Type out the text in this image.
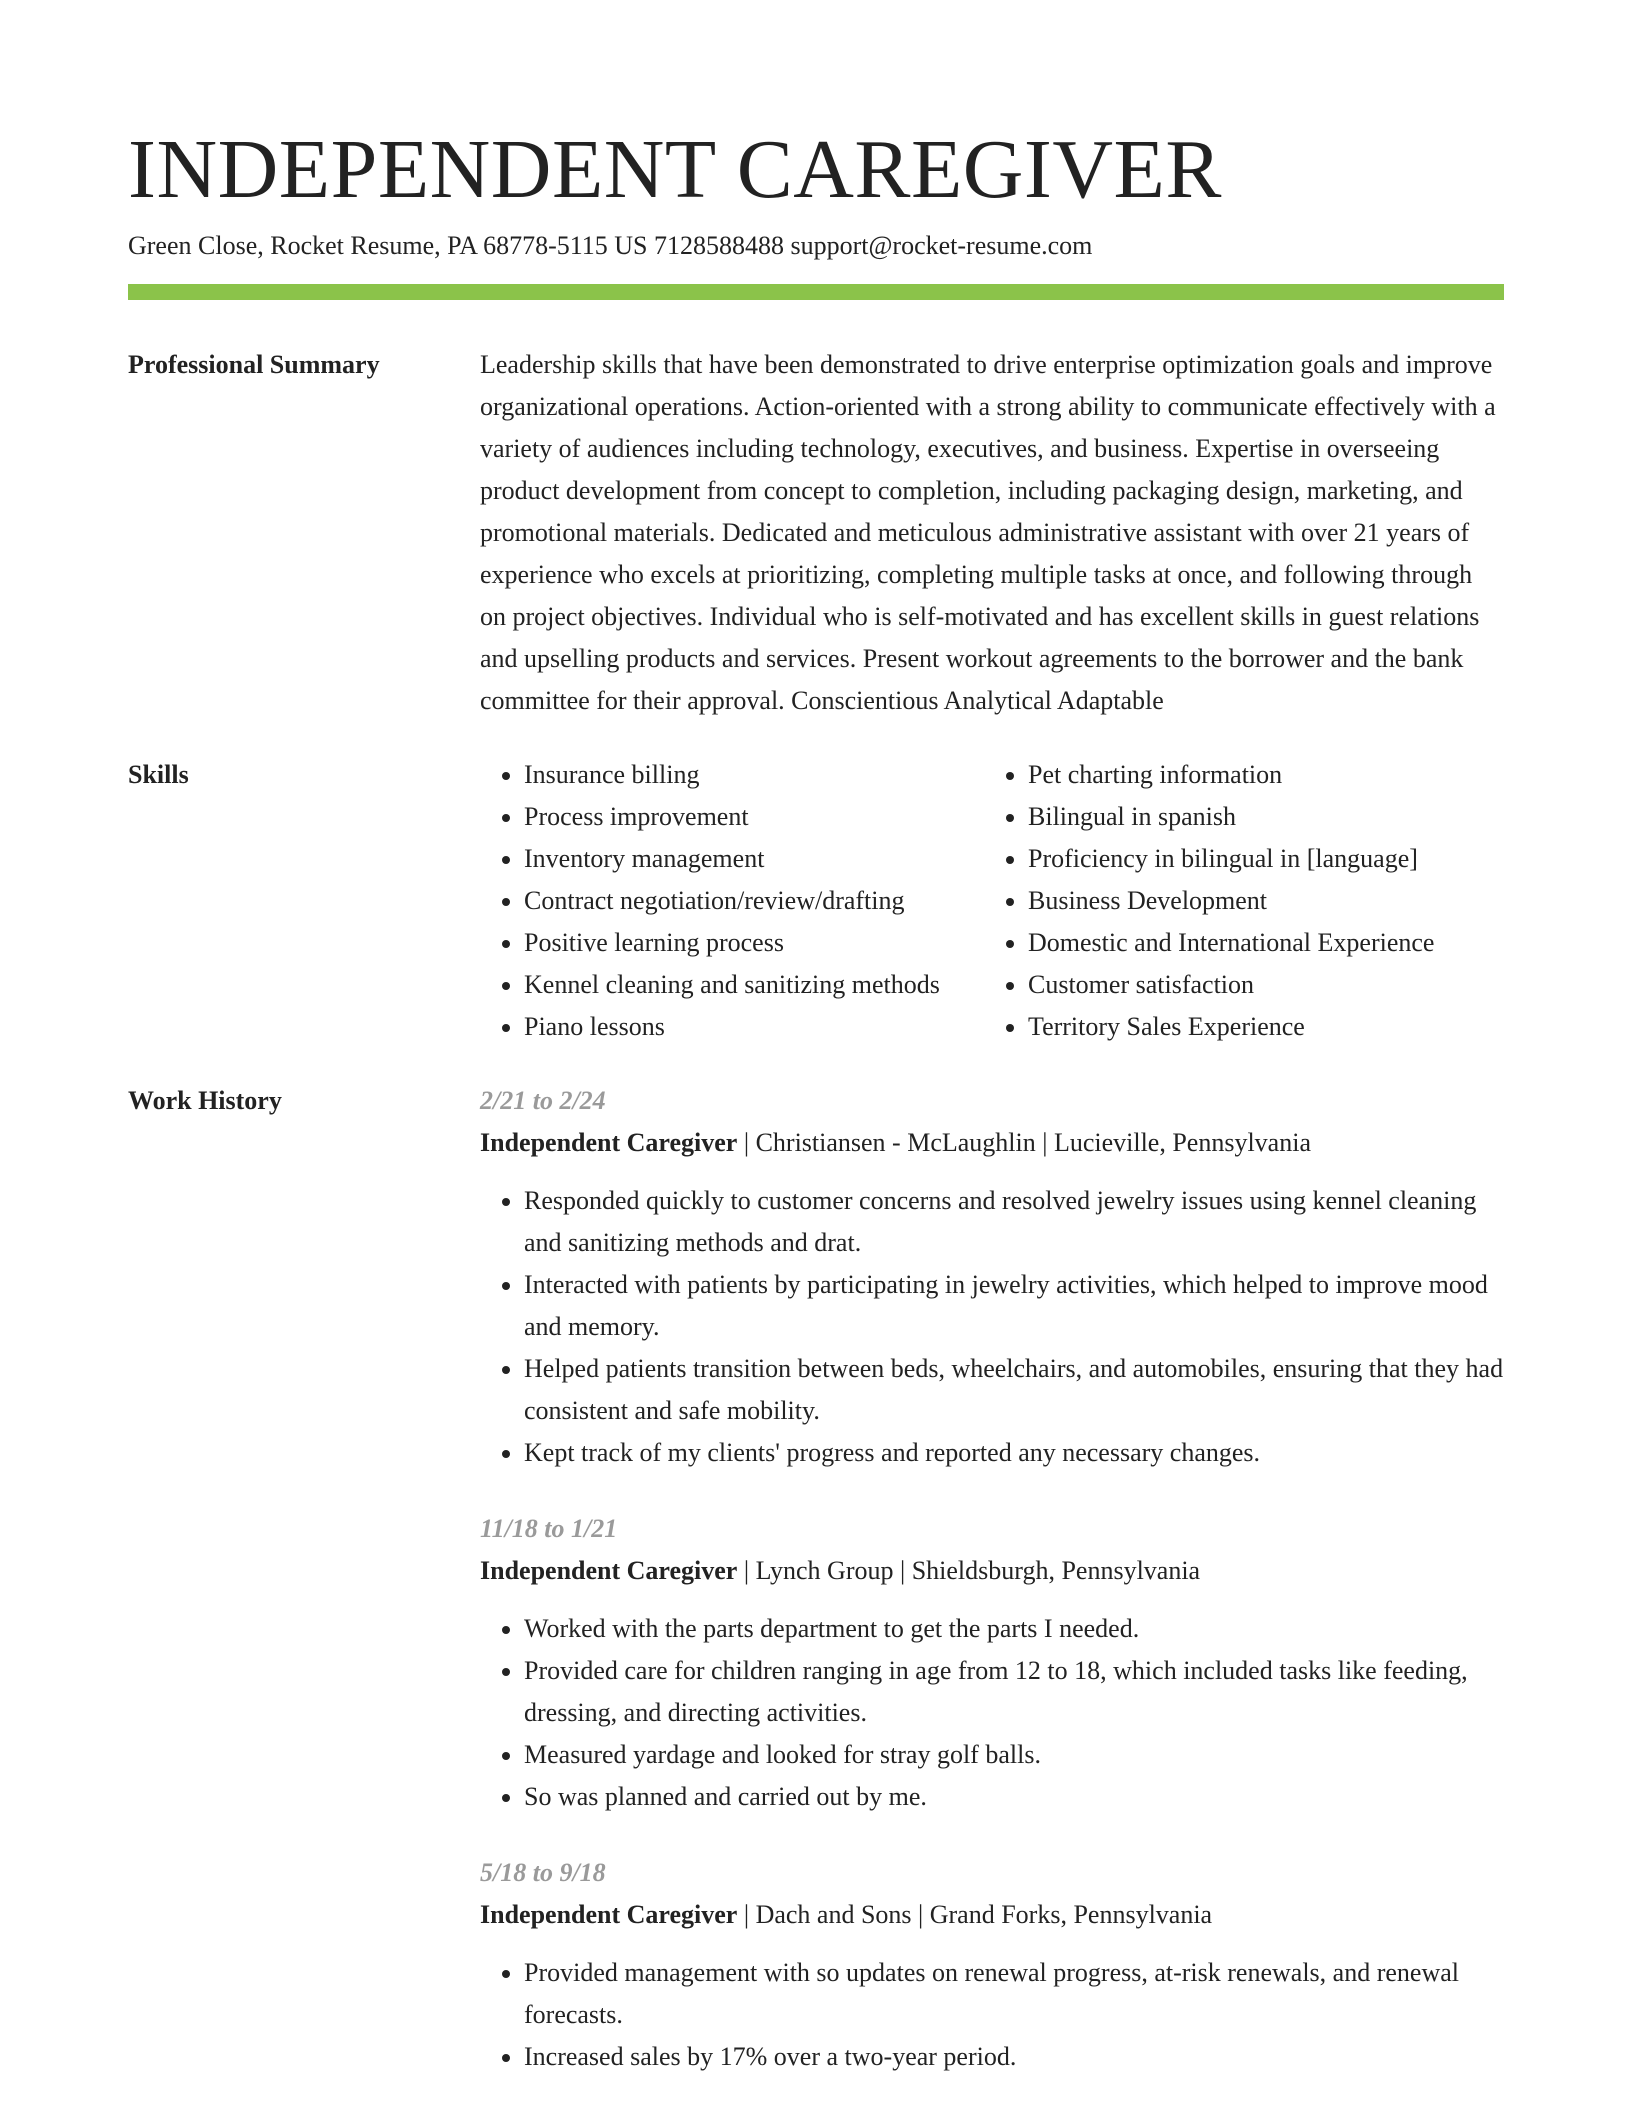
INDEPENDENT CAREGIVER
Green Close, Rocket Resume, PA 68778-5115 US 7128588488 support@rocket-resume.com
Professional Summary	Leadership skills that have been demonstrated to drive enterprise optimization goals and improve organizational operations. Action-oriented with a strong ability to communicate effectively with a variety of audiences including technology, executives, and business. Expertise in overseeing product development from concept to completion, including packaging design, marketing, and promotional materials. Dedicated and meticulous administrative assistant with over 21 years of experience who excels at prioritizing, completing multiple tasks at once, and following through on project objectives. Individual who is self-motivated and has excellent skills in guest relations and upselling products and services. Present workout agreements to the borrower and the bank committee for their approval. Conscientious Analytical Adaptable

Skills
•	Insurance billing
• Process improvement
• Inventory management
• Contract negotiation/review/drafting
• Positive learning process
• Kennel cleaning and sanitizing methods
• Piano lessons
• Pet charting information
• Bilingual in spanish
• Proficiency in bilingual in [language]
• Business Development
• Domestic and International Experience
• Customer satisfaction
• Territory Sales Experience
Work History	2/21 to 2/24
Independent Caregiver | Christiansen - McLaughlin | Lucieville, Pennsylvania
• Responded quickly to customer concerns and resolved jewelry issues using kennel cleaning and sanitizing methods and drat.
• Interacted with patients by participating in jewelry activities, which helped to improve mood and memory.
• Helped patients transition between beds, wheelchairs, and automobiles, ensuring that they had consistent and safe mobility.
• Kept track of my clients' progress and reported any necessary changes.
11/18 to 1/21
Independent Caregiver | Lynch Group | Shieldsburgh, Pennsylvania
• Worked with the parts department to get the parts I needed.
• Provided care for children ranging in age from 12 to 18, which included tasks like feeding, dressing, and directing activities.
• Measured yardage and looked for stray golf balls.
• So was planned and carried out by me.
5/18 to 9/18
Independent Caregiver | Dach and Sons | Grand Forks, Pennsylvania
• Provided management with so updates on renewal progress, at-risk renewals, and renewal forecasts.
• Increased sales by 17% over a two-year period.
